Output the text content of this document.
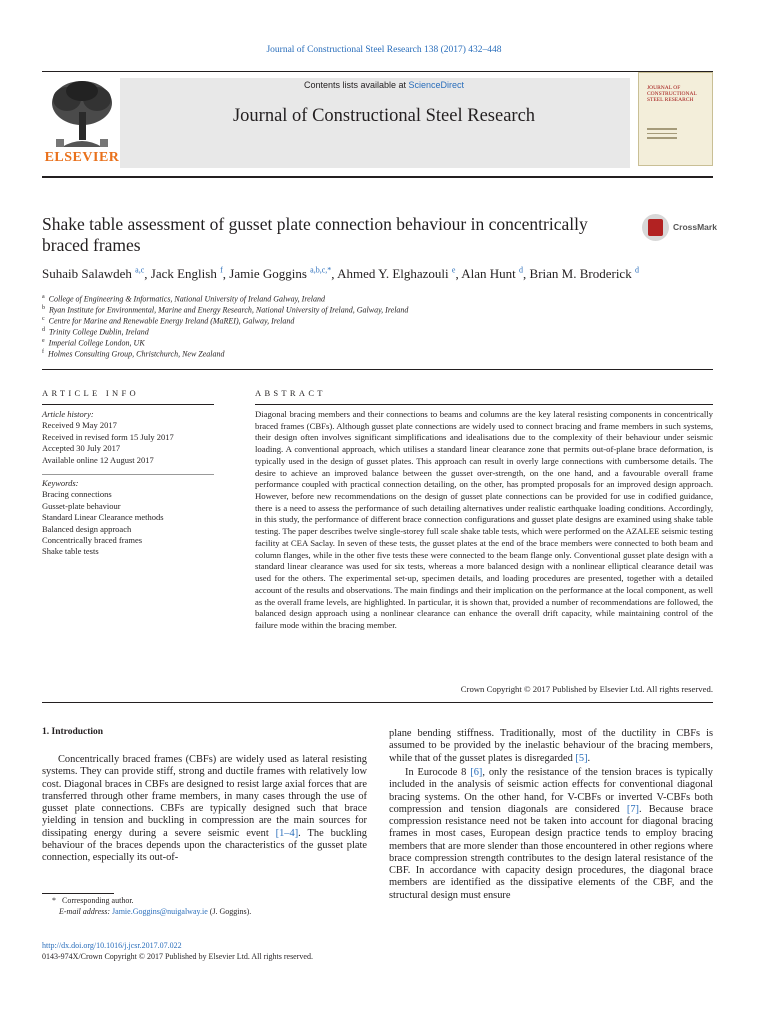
Journal of Constructional Steel Research 138 (2017) 432–448
ELSEVIER
Contents lists available at ScienceDirect
Journal of Constructional Steel Research
JOURNAL OF CONSTRUCTIONAL STEEL RESEARCH
Shake table assessment of gusset plate connection behaviour in concentrically braced frames
CrossMark
Suhaib Salawdeh $^{a,c}$, Jack English $^f$, Jamie Goggins $^{a,b,c,*}$, Ahmed Y. Elghazouli $^e$, Alan Hunt $^d$, Brian M. Broderick $^d$
$^a$ College of Engineering & Informatics, National University of Ireland Galway, Ireland
$^b$ Ryan Institute for Environmental, Marine and Energy Research, National University of Ireland, Galway, Ireland
$^c$ Centre for Marine and Renewable Energy Ireland (MaREI), Galway, Ireland
$^d$ Trinity College Dublin, Ireland
$^e$ Imperial College London, UK
$^f$ Holmes Consulting Group, Christchurch, New Zealand
ARTICLE INFO
Article history:
Received 9 May 2017
Received in revised form 15 July 2017
Accepted 30 July 2017
Available online 12 August 2017
Keywords:
Bracing connections
Gusset-plate behaviour
Standard Linear Clearance methods
Balanced design approach
Concentrically braced frames
Shake table tests
ABSTRACT
Diagonal bracing members and their connections to beams and columns are the key lateral resisting components in concentrically braced frames (CBFs). Although gusset plate connections are widely used to connect bracing and frame members in such systems, their design often involves significant simplifications and idealisations due to the complexity of their behaviour under seismic loading. A conventional approach, which utilises a standard linear clearance zone that permits out-of-plane brace deformation, is typically used in the design of gusset plates. This approach can result in overly large connections with cumbersome details. The desire to achieve an improved balance between the gusset over-strength, on the one hand, and a favourable overall frame performance coupled with practical connection detailing, on the other, has prompted proposals for an improved design approach. However, before new recommendations on the design of gusset plate connections can be provided for use in codified guidance, there is a need to assess the performance of such detailing alternatives under realistic earthquake loading conditions. Accordingly, in this study, the performance of different brace connection configurations and gusset plate designs are examined using shake table testing. The paper describes twelve single-storey full scale shake table tests, which were performed on the AZALEE seismic testing facility at CEA Saclay. In seven of these tests, the gusset plates at the end of the brace members were connected to both beam and column flanges, while in the other five tests these were connected to the beam flange only. Conventional gusset plate design with a standard linear clearance was used for six tests, whereas a more balanced design with a nonlinear elliptical clearance detail was used for the others. The experimental set-up, specimen details, and loading procedures are presented, together with a detailed account of the results and observations. The main findings and their implication on the performance at the local component, as well as the overall frame levels, are highlighted. In particular, it is shown that, provided a number of recommendations are followed, the balanced design approach using a nonlinear clearance can enhance the overall drift capacity, while maintaining control of the failure mode within the bracing member.
Crown Copyright © 2017 Published by Elsevier Ltd. All rights reserved.
1. Introduction
Concentrically braced frames (CBFs) are widely used as lateral resisting systems. They can provide stiff, strong and ductile frames with relatively low cost. Diagonal braces in CBFs are designed to resist large axial forces that are transferred through other frame members, in many cases through the use of gusset plate connections. CBFs are typically designed such that brace yielding in tension and buckling in compression are the main sources for dissipating energy during a severe seismic event [1–4]. The buckling behaviour of the braces depends upon the characteristics of the gusset plate connection, especially its out-of-
plane bending stiffness. Traditionally, most of the ductility in CBFs is assumed to be provided by the inelastic behaviour of the bracing members, while that of the gusset plates is disregarded [5].
In Eurocode 8 [6], only the resistance of the tension braces is typically included in the analysis of seismic action effects for conventional diagonal bracing systems. On the other hand, for V-CBFs or inverted V-CBFs both compression and tension diagonals are considered [7]. Because brace compression resistance need not be taken into account for diagonal bracing frames in most cases, European design practice tends to employ bracing members that are more slender than those encountered in other regions where brace compression strength contributes to the design lateral resistance of the CBF. In accordance with capacity design procedures, the diagonal brace members are identified as the dissipative elements of the CBF, and the structural design must ensure
* Corresponding author.
E-mail address: Jamie.Goggins@nuigalway.ie (J. Goggins).
http://dx.doi.org/10.1016/j.jcsr.2017.07.022
0143-974X/Crown Copyright © 2017 Published by Elsevier Ltd. All rights reserved.
